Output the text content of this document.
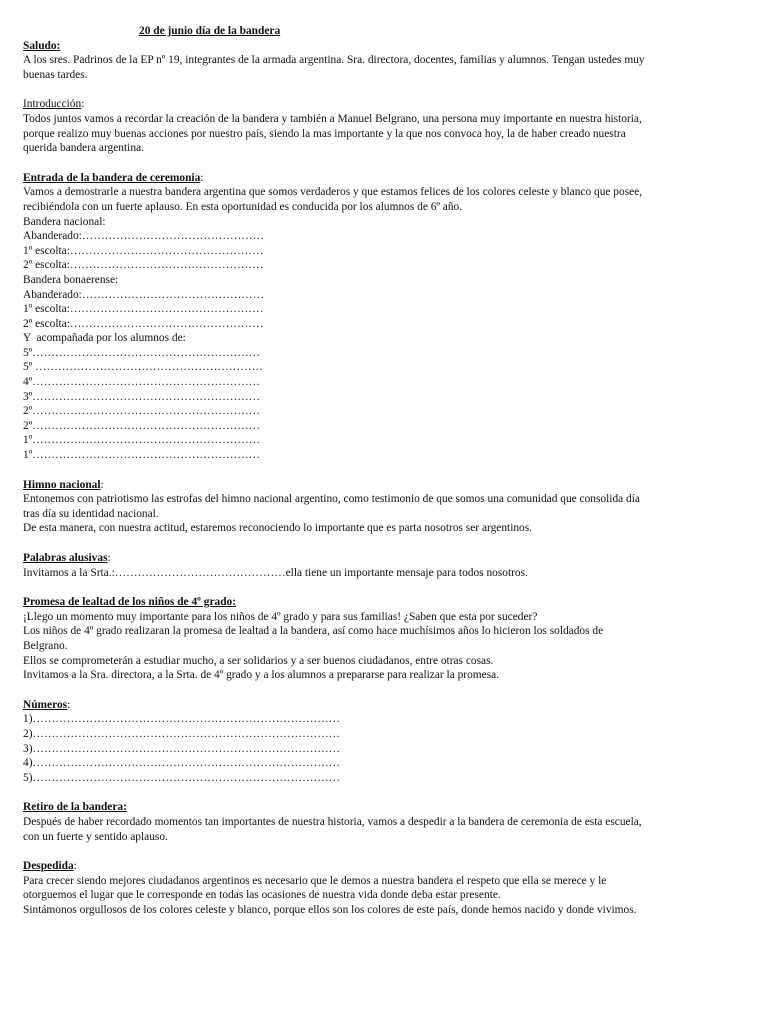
20 de junio día de la bandera
Saludo:
A los sres. Padrinos de la EP nº 19, integrantes de la armada argentina. Sra. directora, docentes, familias y alumnos. Tengan ustedes muy
buenas tardes.
Introducción:
Todos juntos vamos a recordar la creación de la bandera y también a Manuel Belgrano, una persona muy importante en nuestra historia,
porque realizo muy buenas acciones por nuestro país, siendo la mas importante y la que nos convoca hoy, la de haber creado nuestra
querida bandera argentina.
Entrada de la bandera de ceremonia:
Vamos a demostrarle a nuestra bandera argentina que somos verdaderos y que estamos felices de los colores celeste y blanco que posee,
recibiéndola con un fuerte aplauso. En esta oportunidad es conducida por los alumnos de 6º año.
Bandera nacional:
Abanderado:…………………………………………
1º escolta:……………………………………………
2º escolta:……………………………………………
Bandera bonaerense:
Abanderado:…………………………………………
1º escolta:……………………………………………
2º escolta:……………………………………………
Y  acompañada por los alumnos de:
5º……………………………………………………
5º ……………………………………………………
4º……………………………………………………
3º……………………………………………………
2º……………………………………………………
2º……………………………………………………
1º……………………………………………………
1º……………………………………………………
Himno nacional:
Entonemos con patriotismo las estrofas del himno nacional argentino, como testimonio de que somos una comunidad que consolida día
tras día su identidad nacional.
De esta manera, con nuestra actitud, estaremos reconociendo lo importante que es parta nosotros ser argentinos.
Palabras alusivas:
Invitamos a la Srta.:………………………………………ella tiene un importante mensaje para todos nosotros.
Promesa de lealtad de los niños de 4º grado:
¡Llego un momento muy importante para los niños de 4º grado y para sus familias! ¿Saben que esta por suceder?
Los niños de 4º grado realizaran la promesa de lealtad a la bandera, así como hace muchísimos años lo hicieron los soldados de
Belgrano.
Ellos se comprometerán a estudiar mucho, a ser solidarios y a ser buenos ciudadanos, entre otras cosas.
Invitamos a la Sra. directora, a la Srta. de 4º grado y a los alumnos a prepararse para realizar la promesa.
Números:
1)………………………………………………………………………
2)………………………………………………………………………
3)………………………………………………………………………
4)………………………………………………………………………
5)………………………………………………………………………
Retiro de la bandera:
Después de haber recordado momentos tan importantes de nuestra historia, vamos a despedir a la bandera de ceremonia de esta escuela,
con un fuerte y sentido aplauso.
Despedida:
Para crecer siendo mejores ciudadanos argentinos es necesario que le demos a nuestra bandera el respeto que ella se merece y le
otorguemos el lugar que le corresponde en todas las ocasiones de nuestra vida donde deba estar presente.
Sintámonos orgullosos de los colores celeste y blanco, porque ellos son los colores de este país, donde hemos nacido y donde vivimos.
